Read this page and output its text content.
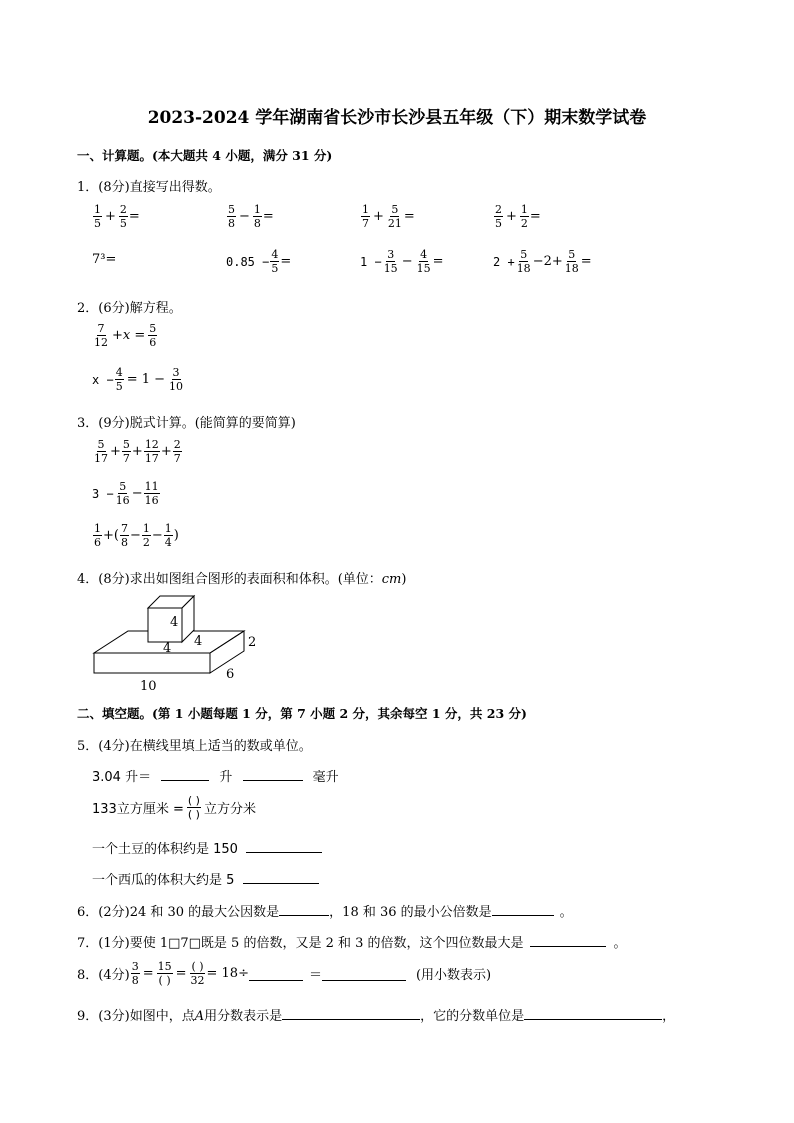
2023-2024 学年湖南省长沙市长沙县五年级（下）期末数学试卷
一、计算题。(本大题共 4 小题，满分 31 分)
1．(8分)直接写出得数。
$\frac{1}{5} + \frac{2}{5}$ =	$\frac{5}{8} - \frac{1}{8}$ =	$\frac{1}{7} + \frac{5}{21}$ =	$\frac{2}{5} + \frac{1}{2}$ =
7³=	$0.85 - \frac{4}{5}$ =	$1 - \frac{3}{15} - \frac{4}{15}$ =	$2 + \frac{5}{18} -2+ \frac{5}{18}$ =
2．(6分)解方程。
$\frac{7}{12} +x = \frac{5}{6}$
$x - \frac{4}{5} = 1 - \frac{3}{10}$
3．(9分)脱式计算。(能简算的要简算)
$\frac{5}{17} + \frac{5}{7} + \frac{12}{17} + \frac{2}{7}$
$3 - \frac{5}{16} - \frac{11}{16}$
$\frac{1}{6}$ +( $\frac{7}{8} - \frac{1}{2} - \frac{1}{4}$ )
4．(8分)求出如图组合图形的表面积和体积。(单位：cm)
4
4
4	2
6
10
二、填空题。(第 1 小题每题 1 分，第 7 小题 2 分，其余每空 1 分，共 23 分)
5．(4分)在横线里填上适当的数或单位。
3.04 升＝	升	毫升
133立方厘米 = $\frac{( )}{( )}$ 立方分米
一个土豆的体积约是 150
一个西瓜的体积大约是 5
6．(2分)24 和 30 的最大公因数是	，18 和 36 的最小公倍数是	。
7．(1分)要使 1□7□既是 5 的倍数，又是 2 和 3 的倍数，这个四位数最大是	。
8．(4分) $\frac{3}{8} = \frac{15}{( )} = \frac{( )}{32} = 18\div$	＝	(用小数表示)
9．(3分)如图中，点A用分数表示是	，它的分数单位是	，
